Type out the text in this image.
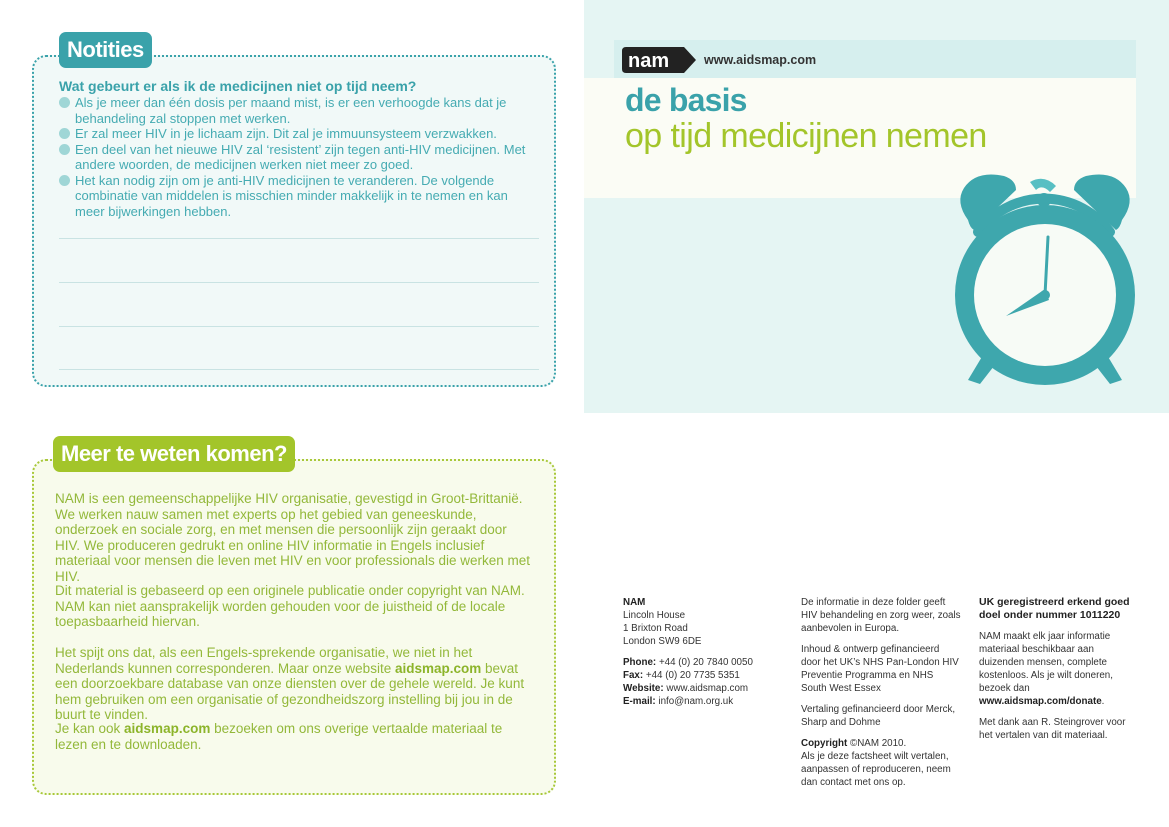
Notities
Wat gebeurt er als ik de medicijnen niet op tijd neem?
Als je meer dan één dosis per maand mist, is er een verhoogde kans dat je behandeling zal stoppen met werken.
Er zal meer HIV in je lichaam zijn. Dit zal je immuunsysteem verzwakken.
Een deel van het nieuwe HIV zal ‘resistent’ zijn tegen anti-HIV medicijnen. Met andere woorden, de medicijnen werken niet meer zo goed.
Het kan nodig zijn om je anti-HIV medicijnen te veranderen. De volgende combinatie van middelen is misschien minder makkelijk in te nemen en kan meer bijwerkingen hebben.
Meer te weten komen?

NAM is een gemeenschappelijke HIV organisatie, gevestigd in Groot-Brittanië. We werken nauw samen met experts op het gebied van geneeskunde, onderzoek en sociale zorg, en met mensen die persoonlijk zijn geraakt door HIV. We produceren gedrukt en online HIV informatie in Engels inclusief materiaal voor mensen die leven met HIV en voor professionals die werken met HIV.

Dit material is gebaseerd op een originele publicatie onder copyright van NAM. NAM kan niet aansprakelijk worden gehouden voor de juistheid of de locale toepasbaarheid hiervan.

Het spijt ons dat, als een Engels-sprekende organisatie, we niet in het Nederlands kunnen corresponderen. Maar onze website aidsmap.com bevat een doorzoekbare database van onze diensten over de gehele wereld. Je kunt hem gebruiken om een organisatie of gezondheidszorg instelling bij jou in de buurt te vinden.

Je kan ook aidsmap.com bezoeken om ons overige vertaalde materiaal te lezen en te downloaden.

nam	www.aidsmap.com
de basis
op tijd medicijnen nemen

NAM
Lincoln House
1 Brixton Road
London SW9 6DE

Phone: +44 (0) 20 7840 0050
Fax: +44 (0) 20 7735 5351
Website: www.aidsmap.com
E-mail: info@nam.org.uk

De informatie in deze folder geeft HIV behandeling en zorg weer, zoals aanbevolen in Europa.

Inhoud & ontwerp gefinancieerd door het UK’s NHS Pan-London HIV Preventie Programma en NHS South West Essex

Vertaling gefinancieerd door Merck, Sharp and Dohme

Copyright ©NAM 2010.
Als je deze factsheet wilt vertalen, aanpassen of reproduceren, neem dan contact met ons op.

UK geregistreerd erkend goed doel onder nummer 1011220

NAM maakt elk jaar informatie materiaal beschikbaar aan duizenden mensen, complete kostenloos. Als je wilt doneren, bezoek dan www.aidsmap.com/donate.

Met dank aan R. Steingrover voor het vertalen van dit materiaal.
